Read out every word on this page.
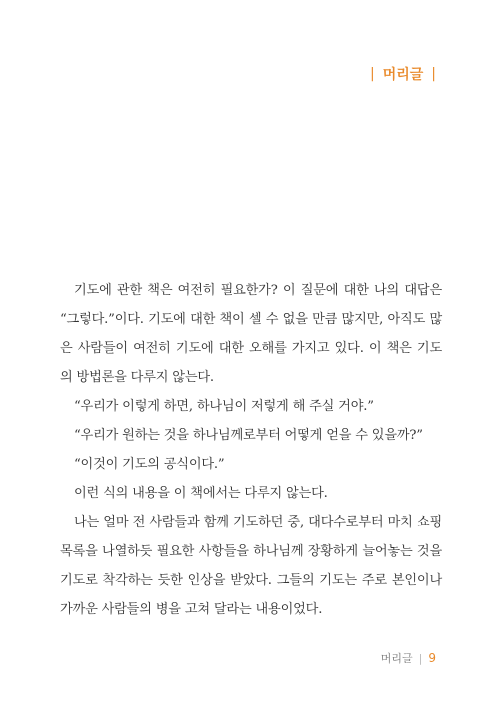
| 머리글 |

기도에 관한 책은 여전히 필요한가? 이 질문에 대한 나의 대답은 “그렇다.”이다. 기도에 대한 책이 셀 수 없을 만큼 많지만, 아직도 많은 사람들이 여전히 기도에 대한 오해를 가지고 있다. 이 책은 기도의 방법론을 다루지 않는다.

“우리가 이렇게 하면, 하나님이 저렇게 해 주실 거야.”

“우리가 원하는 것을 하나님께로부터 어떻게 얻을 수 있을까?”

“이것이 기도의 공식이다.”

이런 식의 내용을 이 책에서는 다루지 않는다.

나는 얼마 전 사람들과 함께 기도하던 중, 대다수로부터 마치 쇼핑 목록을 나열하듯 필요한 사항들을 하나님께 장황하게 늘어놓는 것을 기도로 착각하는 듯한 인상을 받았다. 그들의 기도는 주로 본인이나 가까운 사람들의 병을 고쳐 달라는 내용이었다.

머리글 | 9
